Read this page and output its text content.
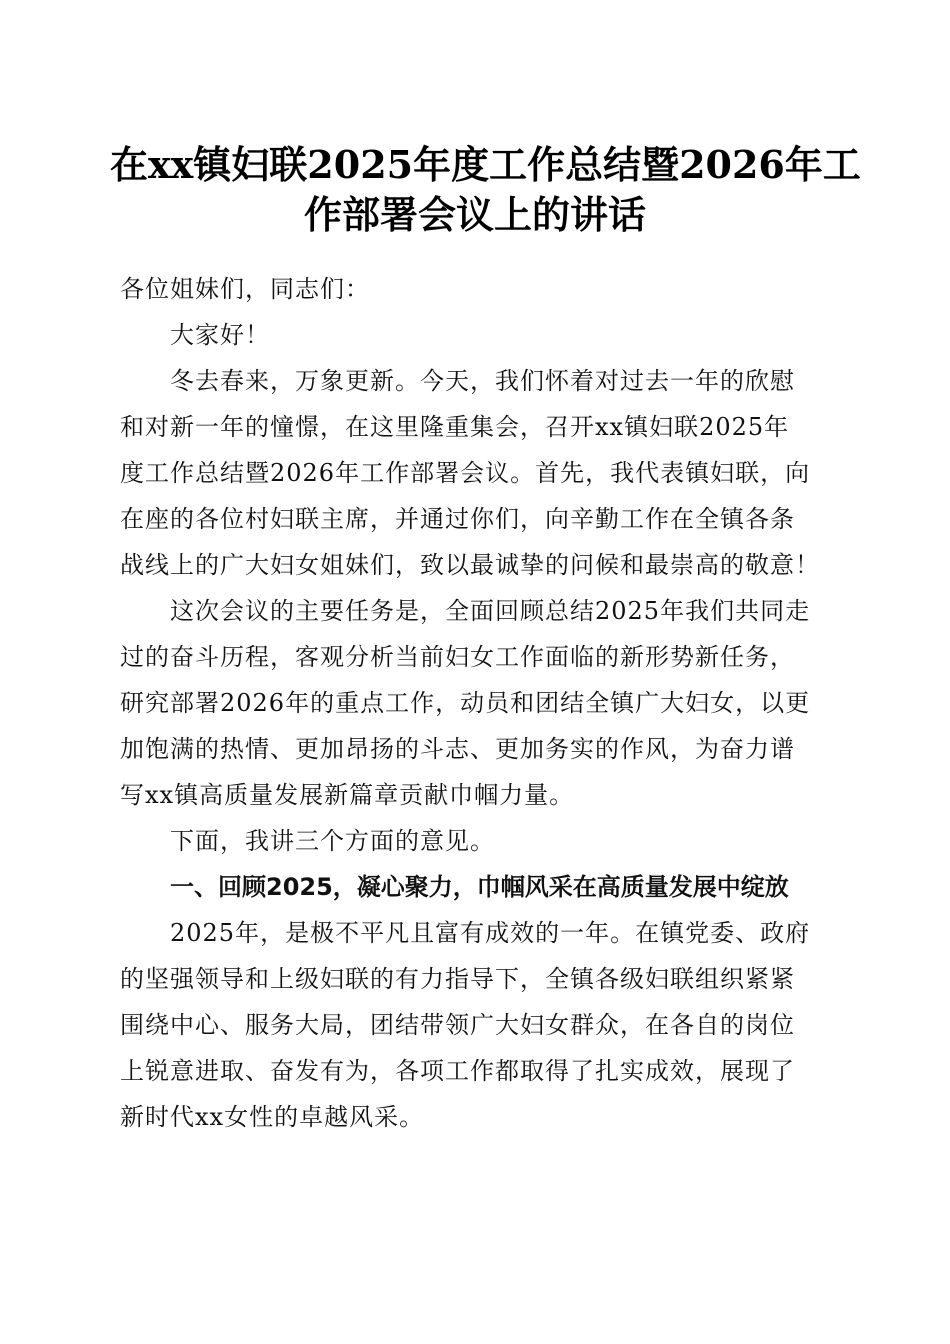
在xx镇妇联2025年度工作总结暨2026年工
作部署会议上的讲话
各位姐妹们，同志们：
大家好！
冬去春来，万象更新。今天，我们怀着对过去一年的欣慰
和对新一年的憧憬，在这里隆重集会，召开xx镇妇联2025年
度工作总结暨2026年工作部署会议。首先，我代表镇妇联，向
在座的各位村妇联主席，并通过你们，向辛勤工作在全镇各条
战线上的广大妇女姐妹们，致以最诚挚的问候和最崇高的敬意！
这次会议的主要任务是，全面回顾总结2025年我们共同走
过的奋斗历程，客观分析当前妇女工作面临的新形势新任务，
研究部署2026年的重点工作，动员和团结全镇广大妇女，以更
加饱满的热情、更加昂扬的斗志、更加务实的作风，为奋力谱
写xx镇高质量发展新篇章贡献巾帼力量。
下面，我讲三个方面的意见。
一、回顾2025，凝心聚力，巾帼风采在高质量发展中绽放
2025年，是极不平凡且富有成效的一年。在镇党委、政府
的坚强领导和上级妇联的有力指导下，全镇各级妇联组织紧紧
围绕中心、服务大局，团结带领广大妇女群众，在各自的岗位
上锐意进取、奋发有为，各项工作都取得了扎实成效，展现了
新时代xx女性的卓越风采。
